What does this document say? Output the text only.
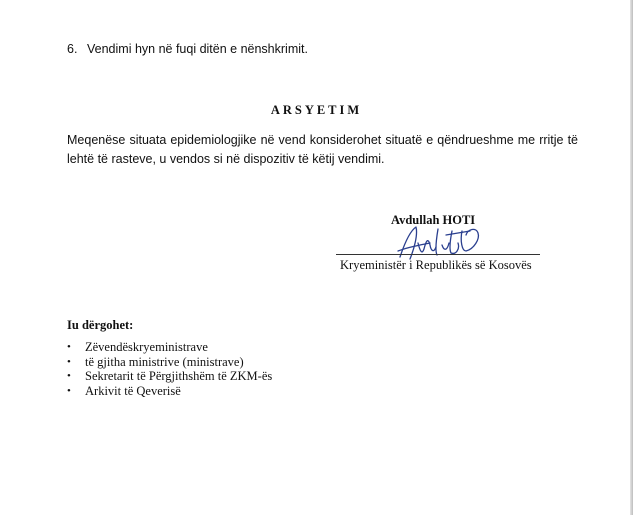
6. Vendimi hyn në fuqi ditën e nënshkrimit.
ARSYETIM
Meqenëse situata epidemiologjike në vend konsiderohet situatë e qëndrueshme me rritje të lehtë të rasteve, u vendos si në dispozitiv të këtij vendimi.
Avdullah HOTI
Kryeministër i Republikës së Kosovës
Iu dërgohet:
•	Zëvendëskryeministrave
•	të gjitha ministrive (ministrave)
•	Sekretarit të Përgjithshëm të ZKM-ës
•	Arkivit të Qeverisë
